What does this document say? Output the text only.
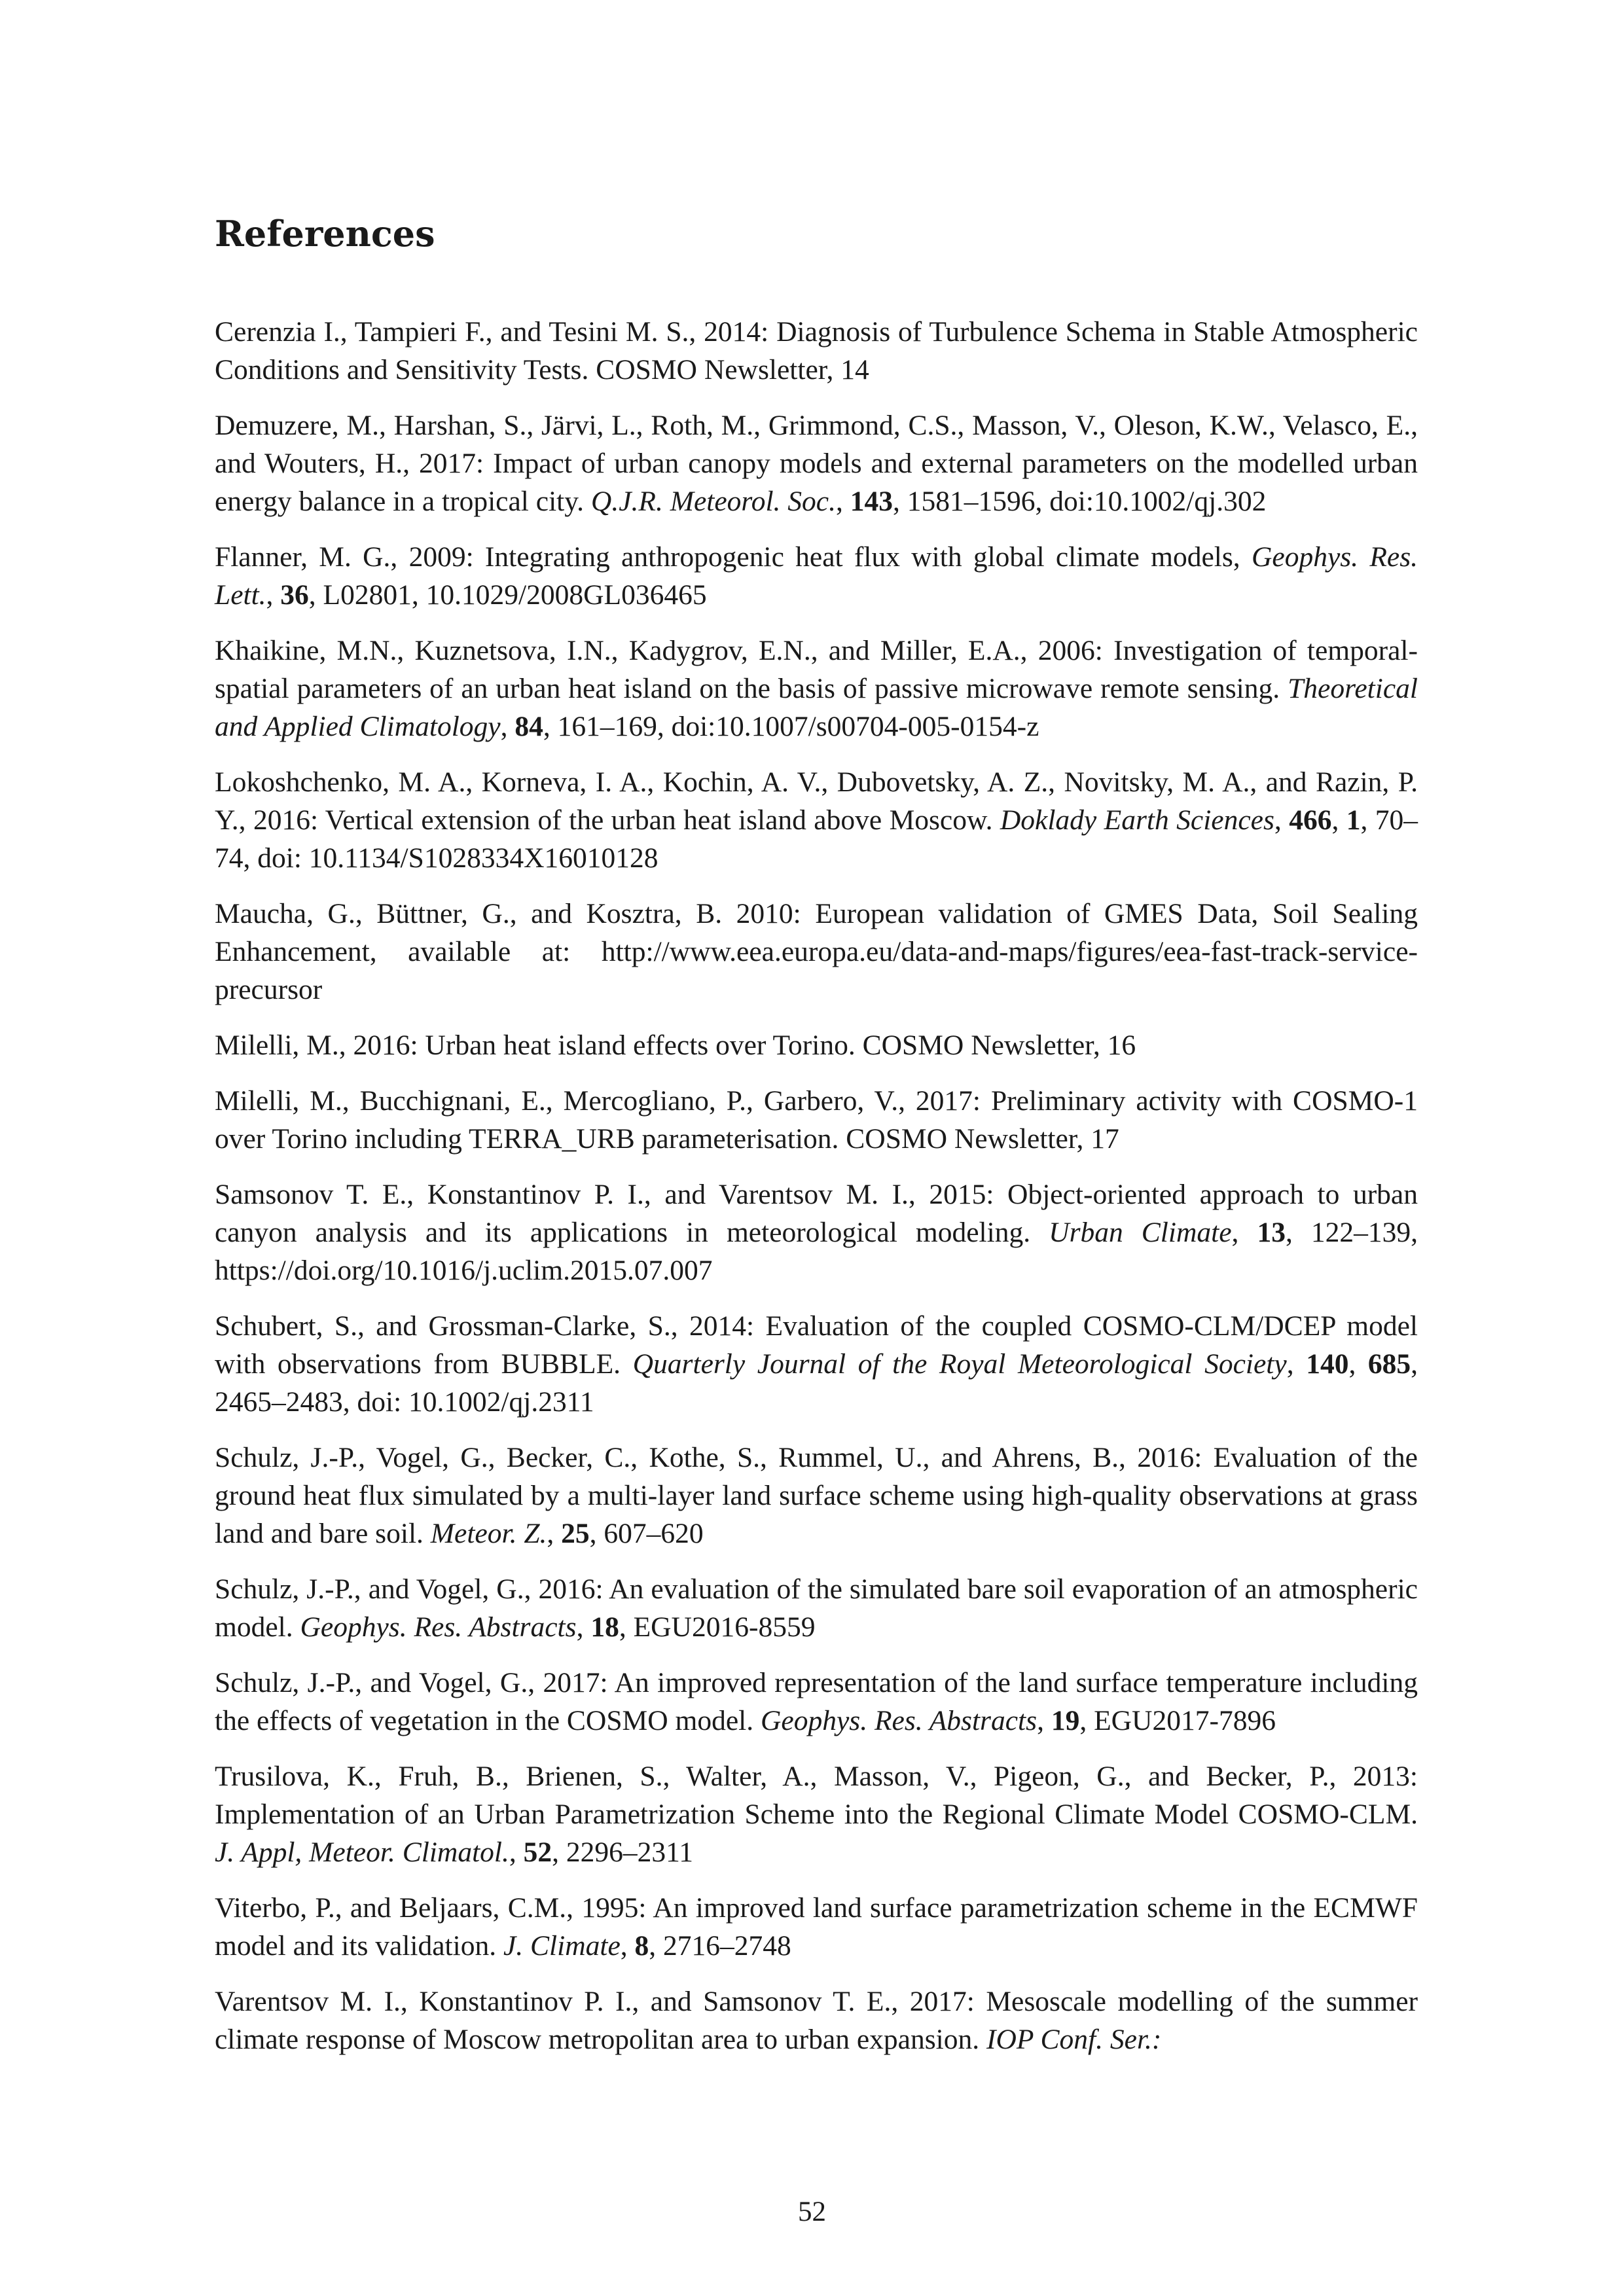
References

Cerenzia I., Tampieri F., and Tesini M. S., 2014: Diagnosis of Turbulence Schema in Stable Atmospheric Conditions and Sensitivity Tests. COSMO Newsletter, 14

Demuzere, M., Harshan, S., Järvi, L., Roth, M., Grimmond, C.S., Masson, V., Oleson, K.W., Velasco, E., and Wouters, H., 2017: Impact of urban canopy models and external parameters on the modelled urban energy balance in a tropical city. Q.J.R. Meteorol. Soc., 143, 1581–1596, doi:10.1002/qj.302

Flanner, M. G., 2009: Integrating anthropogenic heat flux with global climate models, Geophys. Res. Lett., 36, L02801, 10.1029/2008GL036465

Khaikine, M.N., Kuznetsova, I.N., Kadygrov, E.N., and Miller, E.A., 2006: Investigation of temporal-spatial parameters of an urban heat island on the basis of passive microwave remote sensing. Theoretical and Applied Climatology, 84, 161–169, doi:10.1007/s00704-005-0154-z

Lokoshchenko, M. A., Korneva, I. A., Kochin, A. V., Dubovetsky, A. Z., Novitsky, M. A., and Razin, P. Y., 2016: Vertical extension of the urban heat island above Moscow. Doklady Earth Sciences, 466, 1, 70–74, doi: 10.1134/S1028334X16010128

Maucha, G., Büttner, G., and Kosztra, B. 2010: European validation of GMES Data, Soil Sealing Enhancement, available at: http://www.eea.europa.eu/data-and-maps/figures/eea-fast-track-service-precursor

Milelli, M., 2016: Urban heat island effects over Torino. COSMO Newsletter, 16

Milelli, M., Bucchignani, E., Mercogliano, P., Garbero, V., 2017: Preliminary activity with COSMO-1 over Torino including TERRA_URB parameterisation. COSMO Newsletter, 17

Samsonov T. E., Konstantinov P. I., and Varentsov M. I., 2015: Object-oriented approach to urban canyon analysis and its applications in meteorological modeling. Urban Climate, 13, 122–139, https://doi.org/10.1016/j.uclim.2015.07.007

Schubert, S., and Grossman-Clarke, S., 2014: Evaluation of the coupled COSMO-CLM/DCEP model with observations from BUBBLE. Quarterly Journal of the Royal Meteorological Society, 140, 685, 2465–2483, doi: 10.1002/qj.2311

Schulz, J.-P., Vogel, G., Becker, C., Kothe, S., Rummel, U., and Ahrens, B., 2016: Evaluation of the ground heat flux simulated by a multi-layer land surface scheme using high-quality observations at grass land and bare soil. Meteor. Z., 25, 607–620

Schulz, J.-P., and Vogel, G., 2016: An evaluation of the simulated bare soil evaporation of an atmospheric model. Geophys. Res. Abstracts, 18, EGU2016-8559

Schulz, J.-P., and Vogel, G., 2017: An improved representation of the land surface temperature including the effects of vegetation in the COSMO model. Geophys. Res. Abstracts, 19, EGU2017-7896

Trusilova, K., Fruh, B., Brienen, S., Walter, A., Masson, V., Pigeon, G., and Becker, P., 2013: Implementation of an Urban Parametrization Scheme into the Regional Climate Model COSMO-CLM. J. Appl, Meteor. Climatol., 52, 2296–2311

Viterbo, P., and Beljaars, C.M., 1995: An improved land surface parametrization scheme in the ECMWF model and its validation. J. Climate, 8, 2716–2748

Varentsov M. I., Konstantinov P. I., and Samsonov T. E., 2017: Mesoscale modelling of the summer climate response of Moscow metropolitan area to urban expansion. IOP Conf. Ser.:

52
